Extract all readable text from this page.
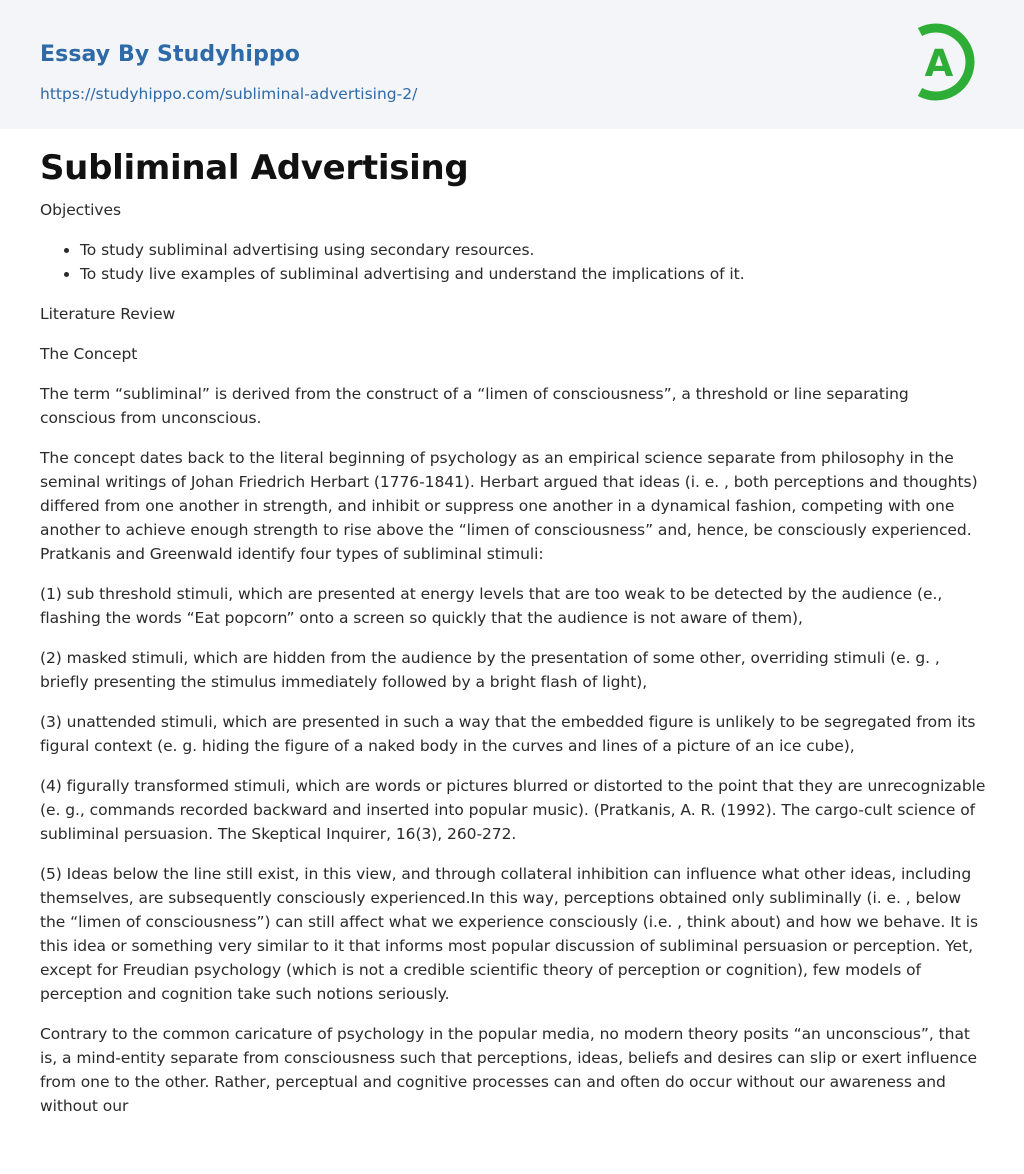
Essay By Studyhippo
https://studyhippo.com/subliminal-advertising-2/
A
Subliminal Advertising

Objectives

• To study subliminal advertising using secondary resources.
• To study live examples of subliminal advertising and understand the implications of it.

Literature Review

The Concept

The term “subliminal” is derived from the construct of a “limen of consciousness”, a threshold or line separating conscious from unconscious.

The concept dates back to the literal beginning of psychology as an empirical science separate from philosophy in the seminal writings of Johan Friedrich Herbart (1776-1841). Herbart argued that ideas (i. e. , both perceptions and thoughts) differed from one another in strength, and inhibit or suppress one another in a dynamical fashion, competing with one another to achieve enough strength to rise above the “limen of consciousness” and, hence, be consciously experienced. Pratkanis and Greenwald identify four types of subliminal stimuli:

(1) sub threshold stimuli, which are presented at energy levels that are too weak to be detected by the audience (e., flashing the words “Eat popcorn” onto a screen so quickly that the audience is not aware of them),

(2) masked stimuli, which are hidden from the audience by the presentation of some other, overriding stimuli (e. g. , briefly presenting the stimulus immediately followed by a bright flash of light),

(3) unattended stimuli, which are presented in such a way that the embedded figure is unlikely to be segregated from its figural context (e. g. hiding the figure of a naked body in the curves and lines of a picture of an ice cube),

(4) figurally transformed stimuli, which are words or pictures blurred or distorted to the point that they are unrecognizable (e. g., commands recorded backward and inserted into popular music). (Pratkanis, A. R. (1992). The cargo-cult science of subliminal persuasion. The Skeptical Inquirer, 16(3), 260-272.

(5) Ideas below the line still exist, in this view, and through collateral inhibition can influence what other ideas, including themselves, are subsequently consciously experienced.In this way, perceptions obtained only subliminally (i. e. , below the “limen of consciousness”) can still affect what we experience consciously (i.e. , think about) and how we behave. It is this idea or something very similar to it that informs most popular discussion of subliminal persuasion or perception. Yet, except for Freudian psychology (which is not a credible scientific theory of perception or cognition), few models of perception and cognition take such notions seriously.

Contrary to the common caricature of psychology in the popular media, no modern theory posits “an unconscious”, that is, a mind-entity separate from consciousness such that perceptions, ideas, beliefs and desires can slip or exert influence from one to the other. Rather, perceptual and cognitive processes can and often do occur without our awareness and without our
